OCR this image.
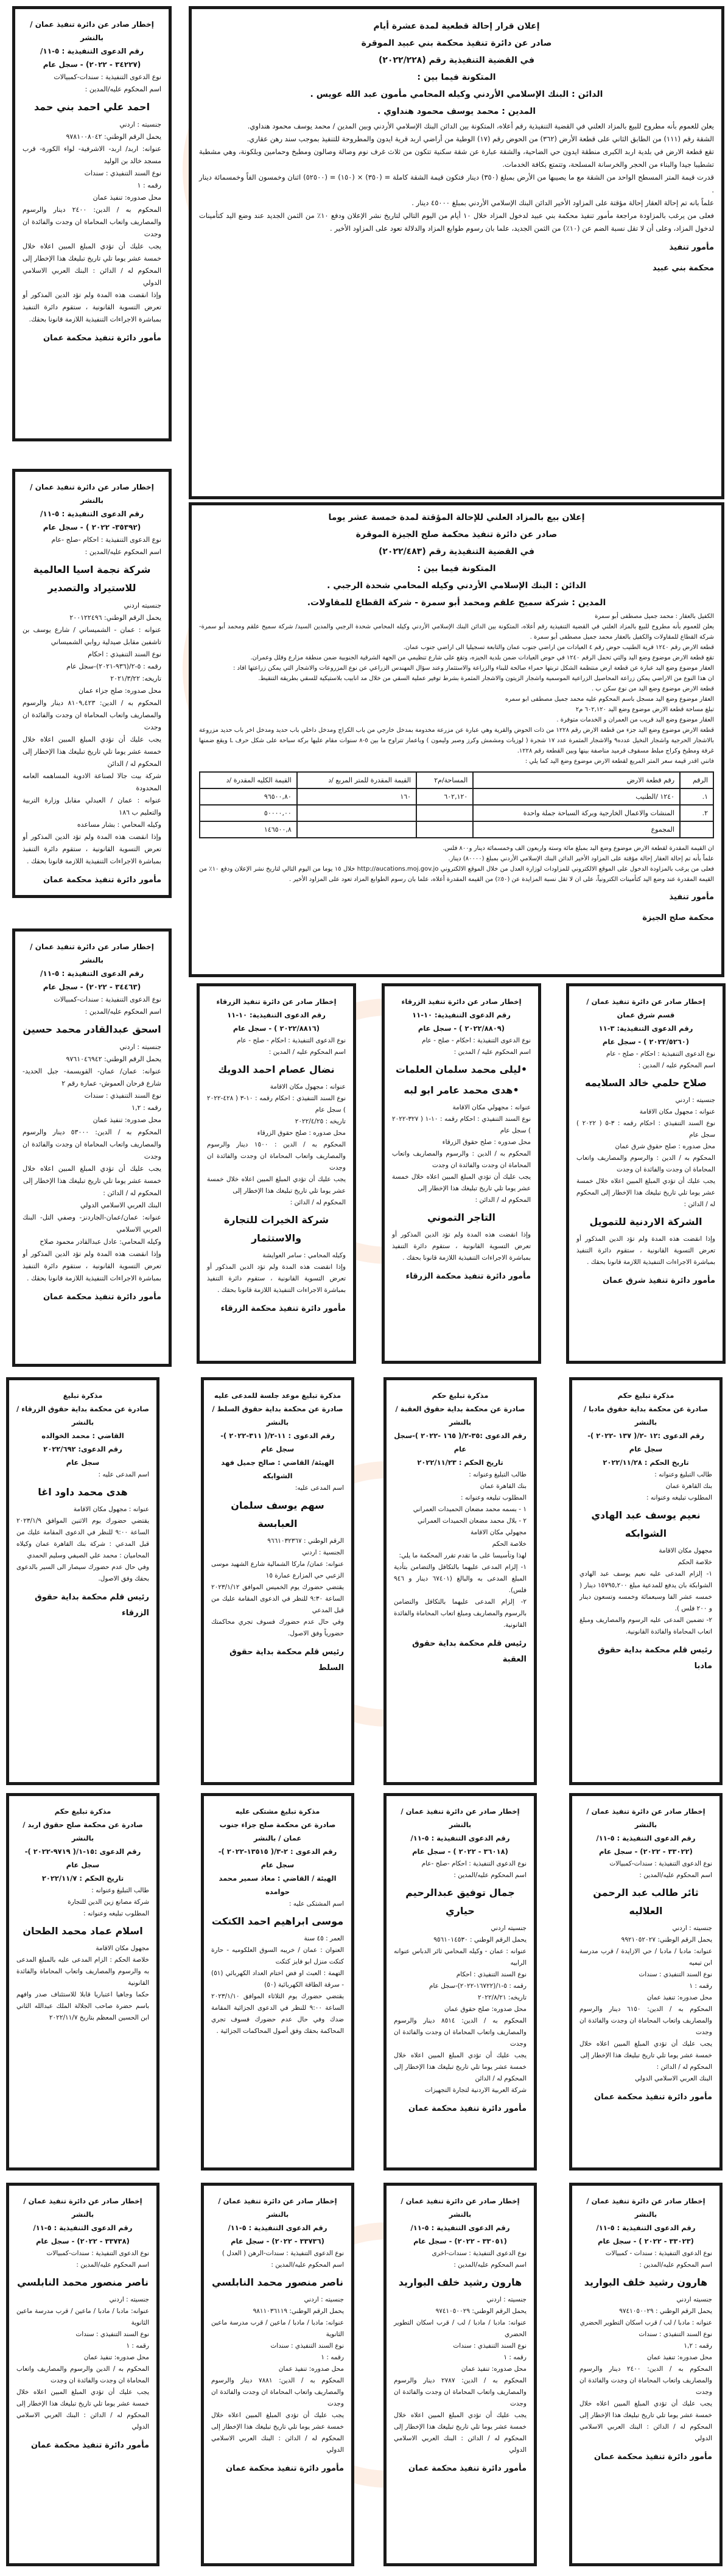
إخطار صادر عن دائرة تنفيذ عمان / بالنشر
رقم الدعوى التنفيذية : ٥-١١/
(٣٤٢٢٧ - ٢٠٢٢) - سجل عام
نوع الدعوى التنفيذية : سندات-كمبيالات
اسم المحكوم عليه/المدين :
احمد علي احمد بني حمد
جنسيته : اردني
يحمل الرقم الوطني: ٩٧٨١٠٠٨٠٤٢
عنوانه: اربد/ اربد- الاشرفية- لواء الكورة- قرب مسجد خالد بن الوليد
نوع السند التنفيذي : سندات
رقمه : ١
محل صدوره: تنفيذ عمان
المحكوم به / الدين: ٢٤٠٠ دينار والرسوم والمصاريف واتعاب المحاماة ان وجدت والفائدة ان وجدت
يجب عليك أن تؤدي المبلغ المبين اعلاه خلال خمسة عشر يوما تلي تاريخ تبليغك هذا الإخطار إلى المحكوم له / الدائن : البنك العربي الاسلامي الدولي
وإذا انقضت هذه المدة ولم تؤد الدين المذكور أو تعرض التسوية القانونية ، ستقوم دائرة التنفيذ بمباشرة الاجراءات التنفيذية اللازمة قانونا بحقك.
مأمور دائرة تنفيذ محكمة عمان
إخطار صادر عن دائرة تنفيذ عمان / بالنشر
رقم الدعوى التنفيذية : ٥-١١/
(٣٥٣٩٢- ٢٠٢٢ ) - سجل عام
نوع الدعوى التنفيذية : احكام -صلح -عام
اسم المحكوم عليه/المدين :
شركة نجمة اسيا العالمية للاستيراد والتصدير
جنسيته اردني
يحمل الرقم الوطني: ٢٠٠١٢٢٤٩٦
عنوانه : عمان - الشميساني / شارع يوسف بن تاشفين مقابل صيدلية روابي الشميساني
نوع السند التنفيذي : احكام
رقمه : ٥-٢/(٩٣٦-٢٠٢١)-سجل عام
تاريخه: ٢٠٢١/٣/٢٢
محل صدوره: صلح جزاء عمان
المحكوم به / الدين: ٨١٠٩,٤٢٣ دينار والرسوم والمصاريف واتعاب المحاماة ان وجدت والفائدة ان وجدت
يجب عليك أن تؤدي المبلغ المبين اعلاه خلال خمسة عشر يوما تلي تاريخ تبليغك هذا الإخطار إلى المحكوم له / الدائن
شركة بيت جالا لصناعة الادوية المساهمه العامه المحدودة
عنوانه : عمان / العبدلي مقابل وزارة التربية والتعليم ب ١٨٦
وكيله المحامي : بشار مساعده
وإذا انقضت هذه المدة ولم تؤد الدين المذكور أو تعرض التسوية القانونية ، ستقوم دائرة التنفيذ بمباشرة الاجراءات التنفيذية اللازمة قانونا بحقك .
مأمور دائرة تنفيذ محكمة عمان
إخطار صادر عن دائرة تنفيذ عمان / بالنشر
رقم الدعوى التنفيذية : ٥-١١/
(٣٤٤٦٣ - ٢٠٢٢) - سجل عام
نوع الدعوى التنفيذية : سندات-كمبيالات
اسم المحكوم عليه/المدين :
اسحق عبدالقادر محمد حسين
جنسيته : اردني
يحمل الرقم الوطني: ٩٧٦١٠٤٦٩٤٢
عنوانه: عمان/ عمان- القويسمة- جبل الحديد- شارع فرحان العموش- عمارة رقم ٢
نوع السند التنفيذي : سندات
رقمه : ١,٢
محل صدوره: تنفيذ عمان
المحكوم به / الدين: ٥٣٠٠٠ دينار والرسوم والمصاريف واتعاب المحاماة ان وجدت والفائدة ان وجدت
يجب عليك أن تؤدي المبلغ المبين اعلاه خلال خمسة عشر يوما تلي تاريخ تبليغك هذا الإخطار إلى
المحكوم له / الدائن :
البنك العربي الاسلامي الدولي
عنوانه: عمان/عمان-الجاردنز- وصفي التل- البنك العربي الاسلامي
وكيله المحامي: عادل عبدالقادر محمود صلاح
وإذا انقضت هذه المدة ولم تؤد الدين المذكور أو تعرض التسوية القانونية ، ستقوم دائرة التنفيذ بمباشرة الاجراءات التنفيذية اللازمة قانونا بحقك .
مأمور دائرة تنفيذ محكمة عمان
إعلان قرار إحالة قطعية لمدة عشرة أيام
صادر عن دائرة تنفيذ محكمة بني عبيد الموقرة
في القضية التنفيذية رقم (٢٠٢٢/٢٢٨)
المتكونة فيما بين :
الدائن : البنك الإسلامي الأردني وكيله المحامي مأمون عبد الله عويس .
المدين : محمد يوسف محمود هنداوي .
يعلن للعموم بأنه مطروح للبيع بالمزاد العلني في القضية التنفيذية رقم أعلاه، المتكونة بين الدائن البنك الإسلامي الأردني وبين المدين / محمد يوسف محمود هنداوي.
الشقة رقم (١١١) من الطابق الثاني على قطعة الأرض (٣٦٢) من الحوض رقم (١٧) الوطية من أراضي اربد قرية ايدون والمطروحة للتنفيذ بموجب سند رهن عقاري.
تقع قطعة الارض في بلدية اربد الكبرى منطقة ايدون حي الضاحية، والشقة عبارة عن شقة سكنية تتكون من ثلاث غرف نوم وصالة وصالون ومطبخ وحمامين وبلكونة، وهي مشطبة تشطيبا جيدا والبناء من الحجر والخرسانة المسلحة، وتتمتع بكافة الخدمات.
قدرت قيمة المتر المسطح الواحد من الشقة مع ما يصيبها من الأرض بمبلغ (٣٥٠) دينار فتكون قيمة الشقة كاملة = (٣٥٠) × (١٥٠) = (٥٢٥٠٠) اثنان وخمسون الفاً وخمسمائة دينار .
علماً بانه تم إحالة العقار إحالة مؤقتة على المزاود الأخير الدائن البنك الإسلامي الأردني بمبلغ ٤٥٠٠٠ دينار .
فعلى من يرغب بالمزاودة مراجعة مأمور تنفيذ محكمة بني عبيد لدخول المزاد خلال ١٠ أيام من اليوم التالي لتاريخ نشر الإعلان ودفع ١٠٪ من الثمن الجديد عند وضع اليد كتأمينات لدخول المزاد، وعلى أن لا تقل نسبة الضم عن (١٠٪) من الثمن الجديد، علما بان رسوم طوابع المزاد والدلالة تعود على المزاود الأخير .
مأمور تنفيذ
محكمة بني عبيد
إعلان بيع بالمزاد العلني للإحالة المؤقتة لمدة خمسة عشر يوما
صادر عن دائرة تنفيذ محكمة صلح الجيزة الموقرة
في القضية التنفيذية رقم (٢٠٢٢/٤٨٣)
المتكونة فيما بين :
الدائن : البنك الإسلامي الأردني وكيله المحامي شحدة الرجبي .
المدين : شركة سميح علقم ومحمد أبو سمرة - شركة القطاع للمقاولات.
الكفيل بالعقار : محمد جميل مصطفى أبو سمرة
يعلن للعموم بأنه مطروح للبيع بالمزاد العلني في القضية التنفيذية رقم أعلاه، المتكونة بين الدائن البنك الإسلامي الأردني وكيله المحامي شحدة الرجبي والمدين السيد/ شركة سميح علقم ومحمد أبو سمرة- شركة القطاع للمقاولات والكفيل بالعقار محمد جميل مصطفى أبو سمرة .
قطعة الارض رقم ١٢٤٠ قرية الطنيب حوض رقم ٤ العيادات من اراضي جنوب عمان والتابعة تسجيليا الى اراضي جنوب عمان.
تقع قطعة الارض موضوع وضع اليد والتي تحمل الرقم ١٢٤٠ في حوض العيادات ضمن بلدية الجيزه، وتقع على شارع تنظيمي من الجهة الشرقية الجنوبية ضمن منطقة مزارع وفلل وعمران.
العقار موضوع وضع اليد عبارة عن قطعة ارض منتظمة الشكل تربتها حمراء صالحة للبناء والزراعة والاستثمار وعند سؤال المهندس الزراعي عن نوع المزروعات والاشجار التي يمكن زراعتها افاد :
ان هذا النوع من الاراضي يمكن زراعة المحاصيل الزراعية الموسمية واشجار الزيتون والاشجار المثمرة بشرط توفير عملية السقي من خلال مد انابيب بلاستيكية للسقي بطريقة التنقيط.
قطعة الارض موضوع وضع اليد من نوع سكن ب .
العقار موضوع وضع اليد مسجل باسم المحكوم عليه محمد جميل مصطفى ابو سمره
تبلغ مساحة قطعة الارض موضوع وضع اليد ٦٠٢,١٢٠ م٢
العقار موضوع وضع اليد قريب من العمران و الخدمات متوفرة .
قطعة الارض موضوع وضع اليد جزء من قطعة الارض رقم ١٢٢٨ من ذات الحوض والقرية وهي عبارة عن مزرعة مخدومة بمدخل خارجي من باب الكراج ومدخل داخلي باب حديد ومدخل اخر باب حديد مزروعة بالاشجار الحرجية واشجار النخيل عدده٩ والاشجار المثمرة عدد ١٧ شجرة ( لوزيات ومشمش وكرز وصبر وليمون ) وباعمار تتراوح ما بين ٥-٨ سنوات مقام عليها بركة سباحة على شكل حرف L ويقع ضمنها غرفة ومطبخ وكراج مبلط مسقوف قرميد مناصفة بينها وبين القطعة رقم ١٢٢٨.
فانني اقدر قيمة سعر المتر المربع لقطعة الارض موضوع وضع اليد كما يلي :
الرقم	رقم قطعة الارض	المساحة/م٢	القيمة المقدرة للمتر المربع /د	القيمة الكليه المقدرة /د
١.	١٢٤٠ /الطنيب	٦٠٢,١٢٠	١٦٠	٩٦٥٠٠,٨٠
٢.	المنشات والاعمال الخارجية وبركة السباحة جملة واحدة			٥٠٠٠٠,٠٠
	المجموع			١٤٦٥٠٠,٨
ان القيمة المقدرة لقطعة الارض موضوع وضع اليد بمبلغ مائة وستة واربعون الف وخمسمائة دينار و٨٠٠ فلس.
علماً بأنه تم إحالة العقار إحالة مؤقتة على المزاود الأخير الدائن البنك الإسلامي الأردني بمبلغ (٨٠٠٠٠) دينار.
فعلى من يرغب بالمزاودة الدخول على الموقع الالكتروني للمزاودات لوزارة العدل من خلال الموقع الالكتروني http://aucations.moj.gov.jo خلال ١٥ يوما من اليوم التالي لتاريخ نشر الإعلان ودفع ١٠٪ من القيمة المقدرة عند وضع اليد كتأمينات الكترونياً، على ان لا تقل نسبة المزايدة عن (٥٠٪) من القيمة المقدرة أعلاه، علما بان رسوم الطوابع المزاد تعود على المزاود الأخير .
مأمور تنفيذ
محكمة صلح الجيزة
إخطار صادر عن دائرة تنفيذ الزرقاء
رقم الدعوى التنفيذية: ١٠-١١
(٢٠٢٢/٨٨١٦ ) - سجل عام
نوع الدعوى التنفيذية : احكام - صلح - عام
اسم المحكوم عليه / المدين :
نضال عصام احمد الدويك
عنوانه : مجهول مكان الاقامة
نوع السند التنفيذي : احكام رقمه : ١٠-٣ ( ٤٢٨-٢٠٢٢ ) سجل عام
تاريخه : ٢٠٢٢/٤/٢٥
محل صدوره : صلح حقوق الزرقاء
المحكوم به / الدين : ١٥٠٠ دينار والرسوم والمصاريف واتعاب المحاماة ان وجدت والفائدة ان وجدت
يجب عليك أن تؤدي المبلغ المبين اعلاه خلال خمسة عشر يوما تلي تاريخ تبليغك هذا الإخطار إلى
المحكوم له / الدائن :
شركة الخيرات للتجارة والاستثمار
وكيله المحامي : سامر العوايشة
وإذا انقضت هذه المدة ولم تؤد الدين المذكور أو تعرض التسوية القانونية ، ستقوم دائرة التنفيذ بمباشرة الاجراءات التنفيذية اللازمة قانونا بحقك .
مأمور دائرة تنفيذ محكمة الزرقاء
إخطار صادر عن دائرة تنفيذ الزرقاء
رقم الدعوى التنفيذية: ١٠-١١
(٢٠٢٢/٨٨٠٩ ) - سجل عام
نوع الدعوى التنفيذية : احكام - صلح - عام
اسم المحكوم عليه / المدين :
•ليلى محمد سلمان العلمات
•هدى محمد عامر ابو لبه
عنوانه : مجهولي مكان الاقامة
نوع السند التنفيذي : احكام رقمه : ١٠-١ ( ٣٢٧-٢٠٢٢ ) سجل عام
محل صدوره : صلح حقوق الزرقاء
المحكوم به / الدين : والرسوم والمصاريف واتعاب المحاماة ان وجدت والفائدة ان وجدت
يجب عليك أن تؤدي المبلغ المبين اعلاه خلال خمسة عشر يوما تلي تاريخ تبليغك هذا الإخطار إلى
المحكوم له / الدائن :
التاجر التموني
وإذا انقضت هذه المدة ولم تؤد الدين المذكور أو تعرض التسوية القانونية ، ستقوم دائرة التنفيذ بمباشرة الاجراءات التنفيذية اللازمة قانونا بحقك .
مأمور دائرة تنفيذ محكمة الزرقاء
إخطار صادر عن دائرة تنفيذ عمان /
قسم شرق عمان
رقم الدعوى التنفيذية: ٣-١١
(٢٠٢٢/٥٢٦٠ ) - سجل عام
نوع الدعوى التنفيذية : احكام - صلح - عام
اسم المحكوم عليه / المدين :
صلاح حلمي خالد السلايمه
جنسيته : اردني
عنوانه : مجهول مكان الاقامة
نوع السند التنفيذي : احكام رقمه : ٣-٥ ( ٢٠٢٢ ) سجل عام
محل صدوره : صلح حقوق شرق عمان
المحكوم به / الدين : والرسوم والمصاريف واتعاب المحاماة ان وجدت والفائدة ان وجدت
يجب عليك أن تؤدي المبلغ المبين اعلاه خلال خمسة عشر يوما تلي تاريخ تبليغك هذا الإخطار إلى المحكوم له / الدائن :
الشركة الاردنية للتمويل
وإذا انقضت هذه المدة ولم تؤد الدين المذكور أو تعرض التسوية القانونية ، ستقوم دائرة التنفيذ بمباشرة الاجراءات التنفيذية اللازمة قانونا بحقك .
مأمور دائرة تنفيذ شرق عمان
مذكرة تبليغ
صادرة عن محكمة بداية حقوق الزرقاء /بالنشر
القاضي : محمد الخوالده
رقم الدعوى: ٢٠٢٢/٦٩٢
سجل عام
اسم المدعى عليه :
هدى محمد داود اغا
عنوانه : مجهول مكان الاقامة
يقتضي حضورك يوم الاثنين الموافق ٢٠٢٣/١/٩ الساعة ٩:٠٠ للنظر في الدعوى المقامة عليك من قبل المدعي : شركة بنك القاهرة عمان وكيلاه المحاميان : محمد علي الصيفي وسليم الحمدي
وفي حال عدم حضورك سيصار الى السير بالدعوى بحقك وفق الاصول.
رئيس قلم محكمة بداية حقوق الزرقاء
مذكرة تبليغ موعد جلسة للمدعى عليه
صادرة عن محكمة بداية حقوق السلط / بالنشر
رقم الدعوى : ١١-٢/( ٣١١-٢٠٢٢ )-
سجل عام
الهيئة/ القاضي : صالح جميل فهد الشوابكه
اسم المدعى عليه:
سهم يوسف سلمان العبابسة
الرقم الوطني : ٩٦٦١٠٣٢٣٦٧
الجنسية : اردني
عنوانه: عمان/ ماركا الشمالية شارع الشهيد موسى الزعبي حي المزارع عمارة ١٥
يقتضي حضورك يوم الخميس الموافق ٢٠٢٣/١/١٢ الساعة ٩:٣٠ للنظر في الدعوى المقامة عليك من قبل المدعي
وفي حال عدم حضورك فسوف تجري محاكمتك حضورياً وفق الاصول.
رئيس قلم محكمة بداية حقوق السلط
مذكرة تبليغ حكم
صادرة عن محكمة بداية حقوق العقبة / بالنشر
رقم الدعوى :٣٥-٢/( ١٦٥ -٢٠٢٢ )-سجل عام
تاريخ الحكم : ٢٠٢٢/١١/٢٣
طالب التبليغ وعنوانه :
بنك القاهرة عمان
المطلوب تبليغه وعنوانه :
١ - بسمه محمد مضعان الحميدات العمراني
٢ - بلال محمد مضعان الحميدات العمراني
مجهولي مكان الاقامة
خلاصة الحكم
لهذا وتأسيسا على ما تقدم تقرر المحكمة ما يلي:
١- إلزام المدعى عليهما بالتكافل والتضامن بتأدية المبلغ المدعى به والبالغ (٦٧٤٠١ دينار و ٩٤٦ فلس).
٢- إلزام المدعى عليهما بالتكافل والتضامن بالرسوم والمصاريف ومبلغ اتعاب المحاماة والفائدة القانونية.
رئيس قلم محكمة بداية حقوق العقبة
مذكرة تبليغ حكم
صادرة عن محكمة بداية حقوق مادبا / بالنشر
رقم الدعوى :١٢ -٢/( ١٣٧ -٢٠٢٢ )-سجل عام
تاريخ الحكم : ٢٠٢٢/١١/٢٨
طالب التبليغ وعنوانه :
بنك القاهرة عمان
المطلوب تبليغه وعنوانه :
نعيم يوسف عبد الهادي الشوابكه
مجهول مكان الاقامة
خلاصة الحكم
١- إلزام المدعى عليه نعيم يوسف عبد الهادي الشوابكة بان يدفع للمدعية مبلغ ١٥٧٩٥,٢٠٠ دينار ( خمسه عشر الفا وسبعمائة وخمسه وتسعون دينار و ٢٠٠ فلس ).
٢- تضمين المدعى عليه الرسوم والمصاريف ومبلغ اتعاب المحاماة والفائدة القانونية.
رئيس قلم محكمة بداية حقوق مادبا
مذكرة تبليغ حكم
صادرة عن محكمة صلح حقوق اربد / بالنشر
رقم الدعوى :١٥-١/( ٩٧١٩-٢٠٢٢ )-
سجل عام
تاريخ الحكم : ٢٠٢٢/١١/٧
طالب التبليغ وعنوانه :
شركة مصانع زين الدين للتجارة
المطلوب تبليغه وعنوانه :
اسلام عماد محمد الطحان
مجهول مكان الاقامة
خلاصة الحكم : الزام المدعى عليه بالمبلغ المدعى به والرسوم والمصاريف واتعاب المحاماة والفائدة القانونية
حكما وجاهيا اعتباريا قابلا للاستئناف صدر وافهم باسم حضرة صاحب الجلالة الملك عبدالله الثاني ابن الحسين المعظم بتاريخ ٢٠٢٢/١١/٧
مذكرة تبليغ مشتكى عليه
صادرة عن محكمة صلح جزاء جنوب عمان / بالنشر
رقم الدعوى : ٢-٣/( ١٣٥١٥-٢٠٢٢ )-
سجل عام
الهيئة / القاضي : معاذ سمير محمد حوامده
اسم المشتكى عليه :
موسى ابراهيم احمد الكتكت
العمر : ٤٥ سنة
العنوان : عمان / خريبه السوق العلكوميه - حارة كتكت منزل ابو فايز كتكت
التهمة : العبث او فض اختام العداد الكهربائي (٥١) - سرقة الطاقة الكهربائية (٥٠)
يقتضي حضورك يوم الثلاثاء الموافق ٢٠٢٣/١/١٠ الساعة ٩:٠٠ للنظر في الدعوى الجزائية المقامة ضدك وفي حال عدم حضورك فسوف تجري المحاكمة بحقك وفق أصول المحاكمات الجزائية .
إخطار صادر عن دائرة تنفيذ عمان / بالنشر
رقم الدعوى التنفيذية : ٥-١١/
(٣٦٠١٨ - ٢٠٢٢ ) - سجل عام
نوع الدعوى التنفيذية : احكام -صلح -عام
اسم المحكوم عليه/المدين :
جمال توفيق عبدالرحيم حياري
جنسيته اردني
يحمل الرقم الوطني : ٩٥٦١٠١٤٥٣٠
عنوانه : عمان - وكيله المحامي ثائر الدباس عنوانه الرابيه
نوع السند التنفيذي : احكام
رقمه : ٥-١/(١٦٧٢٢-٢٠٢٢)-سجل عام
تاريخه: ٢٠٢٢/٨/٢١
محل صدوره: صلح حقوق عمان
المحكوم به / الدين: ٨٥١٤ دينار والرسوم والمصاريف واتعاب المحاماة ان وجدت والفائدة ان وجدت
يجب عليك أن تؤدي المبلغ المبين اعلاه خلال خمسة عشر يوما تلي تاريخ تبليغك هذا الإخطار إلى المحكوم له / الدائن
شركة العربية الاردنية لتجارة التجهيزات
مأمور دائرة تنفيذ محكمة عمان
إخطار صادر عن دائرة تنفيذ عمان / بالنشر
رقم الدعوى التنفيذية : ٥-١١/
(٣٣٠٢٢ - ٢٠٢٢) - سجل عام
نوع الدعوى التنفيذية : سندات-كمبيالات
اسم المحكوم عليه/المدين :
ثائر طالب عبد الرحمن العلاليه
جنسيته : اردني
يحمل الرقم الوطني: ٩٩٢١٠٥٢٠٢٧
عنوانه: مادبا / مادبا / حي الازايدة / قرب مدرسة ابن تيميه
نوع السند التنفيذي : سندات
رقمه : ١
محل صدوره: تنفيذ عمان
المحكوم به / الدين: ٦١٥٠ دينار والرسوم والمصاريف واتعاب المحاماة ان وجدت والفائدة ان وجدت
يجب عليك أن تؤدي المبلغ المبين اعلاه خلال خمسة عشر يوما تلي تاريخ تبليغك هذا الإخطار إلى
المحكوم له / الدائن :
البنك العربي الاسلامي الدولي
مأمور دائرة تنفيذ محكمة عمان
إخطار صادر عن دائرة تنفيذ عمان / بالنشر
رقم الدعوى التنفيذية : ٥-١١/
(٣٣٧٣٨ - ٢٠٢٢) - سجل عام
نوع الدعوى التنفيذية : سندات-كمبيالات
اسم المحكوم عليه/المدين :
ناصر منصور محمد النابلسي
جنسيته : اردني
عنوانه: مادبا / مادبا / ماعين / قرب مدرسة ماعين الثانوية
نوع السند التنفيذي : سندات
رقمه : ١
محل صدوره: تنفيذ عمان
المحكوم به / الدين والرسوم والمصاريف واتعاب المحاماة ان وجدت والفائدة ان وجدت
يجب عليك أن تؤدي المبلغ المبين اعلاه خلال خمسة عشر يوما تلي تاريخ تبليغك هذا الإخطار إلى المحكوم له / الدائن : البنك العربي الاسلامي الدولي
مأمور دائرة تنفيذ محكمة عمان
إخطار صادر عن دائرة تنفيذ عمان / بالنشر
رقم الدعوى التنفيذية : ٥-١١/
(٣٣٧٣٦ - ٢٠٢٢) - سجل عام
نوع الدعوى التنفيذية : سندات-الرهن ( العدل )
اسم المحكوم عليه/المدين :
ناصر منصور محمد النابلسي
جنسيته : اردني
يحمل الرقم الوطني: ٩٨١١٠٣٦١١٩
عنوانه: مادبا / مادبا / ماعين / قرب مدرسة ماعين الثانوية
نوع السند التنفيذي : سندات
رقمه : ١
محل صدوره: تنفيذ عمان
المحكوم به / الدين: ٧٨٨١ دينار والرسوم والمصاريف واتعاب المحاماة ان وجدت والفائدة ان وجدت
يجب عليك أن تؤدي المبلغ المبين اعلاه خلال خمسة عشر يوما تلي تاريخ تبليغك هذا الإخطار إلى المحكوم له / الدائن : البنك العربي الاسلامي الدولي
مأمور دائرة تنفيذ محكمة عمان
إخطار صادر عن دائرة تنفيذ عمان / بالنشر
رقم الدعوى التنفيذية : ٥-١١/
(٣٣٠٥١ - ٢٠٢٢) - سجل عام
نوع الدعوى التنفيذية : سندات-اخرى
اسم المحكوم عليه/المدين :
هارون رشيد خلف البواريد
جنسيته : اردني
يحمل الرقم الوطني: ٩٧٤١٠٥٠٠٢٩
عنوانه: مادبا / مادبا / لب / قرب اسكان التطوير الحضري
نوع السند التنفيذي : سندات
رقمه : ١
محل صدوره: تنفيذ عمان
المحكوم به / الدين: ٢٧٨٧ دينار والرسوم والمصاريف واتعاب المحاماة ان وجدت والفائدة ان وجدت
يجب عليك أن تؤدي المبلغ المبين اعلاه خلال خمسة عشر يوما تلي تاريخ تبليغك هذا الإخطار إلى المحكوم له / الدائن : البنك العربي الاسلامي الدولي
مأمور دائرة تنفيذ محكمة عمان
إخطار صادر عن دائرة تنفيذ عمان / بالنشر
رقم الدعوى التنفيذية : ٥-١١/
(٣٣٠٢٣ - ٢٠٢٢ ) - سجل عام
نوع الدعوى التنفيذية : سندات - كمبيالات
اسم المحكوم عليه/المدين :
هارون رشيد خلف البواريد
جنسيته اردني
يحمل الرقم الوطني : ٩٧٤١٠٥٠٠٢٩
عنوانه : مادبا / لب / قرب اسكان التطوير الحضري
نوع السند التنفيذي : سندات
رقمه : ١,٢
محل صدوره: تنفيذ عمان
المحكوم به / الدين: ٢٤٠٠ دينار والرسوم والمصاريف واتعاب المحاماة ان وجدت والفائدة ان وجدت
يجب عليك أن تؤدي المبلغ المبين اعلاه خلال خمسة عشر يوما تلي تاريخ تبليغك هذا الإخطار إلى المحكوم له / الدائن : البنك العربي الاسلامي الدولي
مأمور دائرة تنفيذ محكمة عمان
